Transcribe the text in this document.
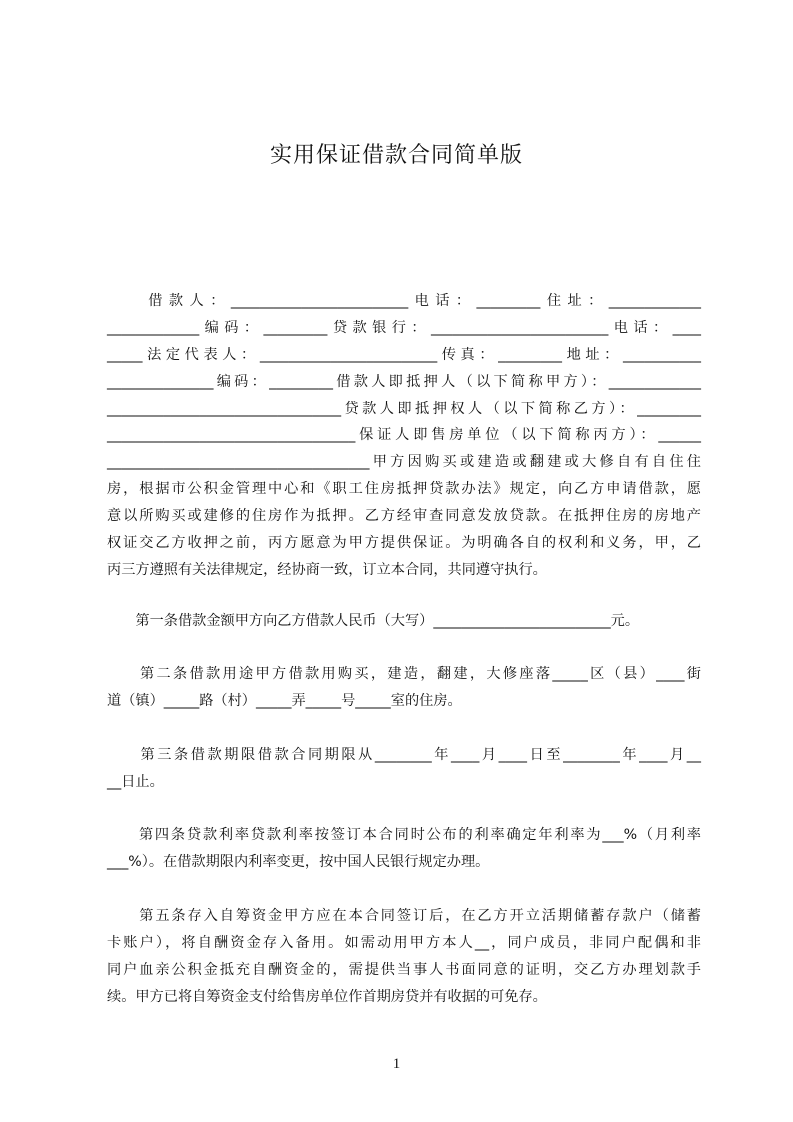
实用保证借款合同简单版
　　借款人：_________________________电话：_________住址：_____________
_____________编码：_________贷款银行：_________________________电话：____
_____法定代表人：_________________________传真：_________地址：___________
_______________编码：_________借款人即抵押人（以下简称甲方）：_____________
_________________________________贷款人即抵押权人（以下简称乙方）：_________
___________________________________保证人即售房单位（以下简称丙方）：______
_____________________________________甲方因购买或建造或翻建或大修自有自住住
房，根据市公积金管理中心和《职工住房抵押贷款办法》规定，向乙方申请借款，愿
意以所购买或建修的住房作为抵押。乙方经审查同意发放贷款。在抵押住房的房地产
权证交乙方收押之前，丙方愿意为甲方提供保证。为明确各自的权利和义务，甲，乙
丙三方遵照有关法律规定，经协商一致，订立本合同，共同遵守执行。
　　第一条借款金额甲方向乙方借款人民币（大写）_________________________元。
　　第二条借款用途甲方借款用购买，建造，翻建，大修座落_____区（县）____街
道（镇）_____路（村）_____弄_____号_____室的住房。
　　第三条借款期限借款合同期限从________年____月____日至________年____月__
__日止。
　　第四条贷款利率贷款利率按签订本合同时公布的利率确定年利率为___%（月利率
___%）。在借款期限内利率变更，按中国人民银行规定办理。
　　第五条存入自筹资金甲方应在本合同签订后，在乙方开立活期储蓄存款户（储蓄
卡账户），将自酬资金存入备用。如需动用甲方本人__，同户成员，非同户配偶和非
同户血亲公积金抵充自酬资金的，需提供当事人书面同意的证明，交乙方办理划款手
续。甲方已将自筹资金支付给售房单位作首期房贷并有收据的可免存。
1
